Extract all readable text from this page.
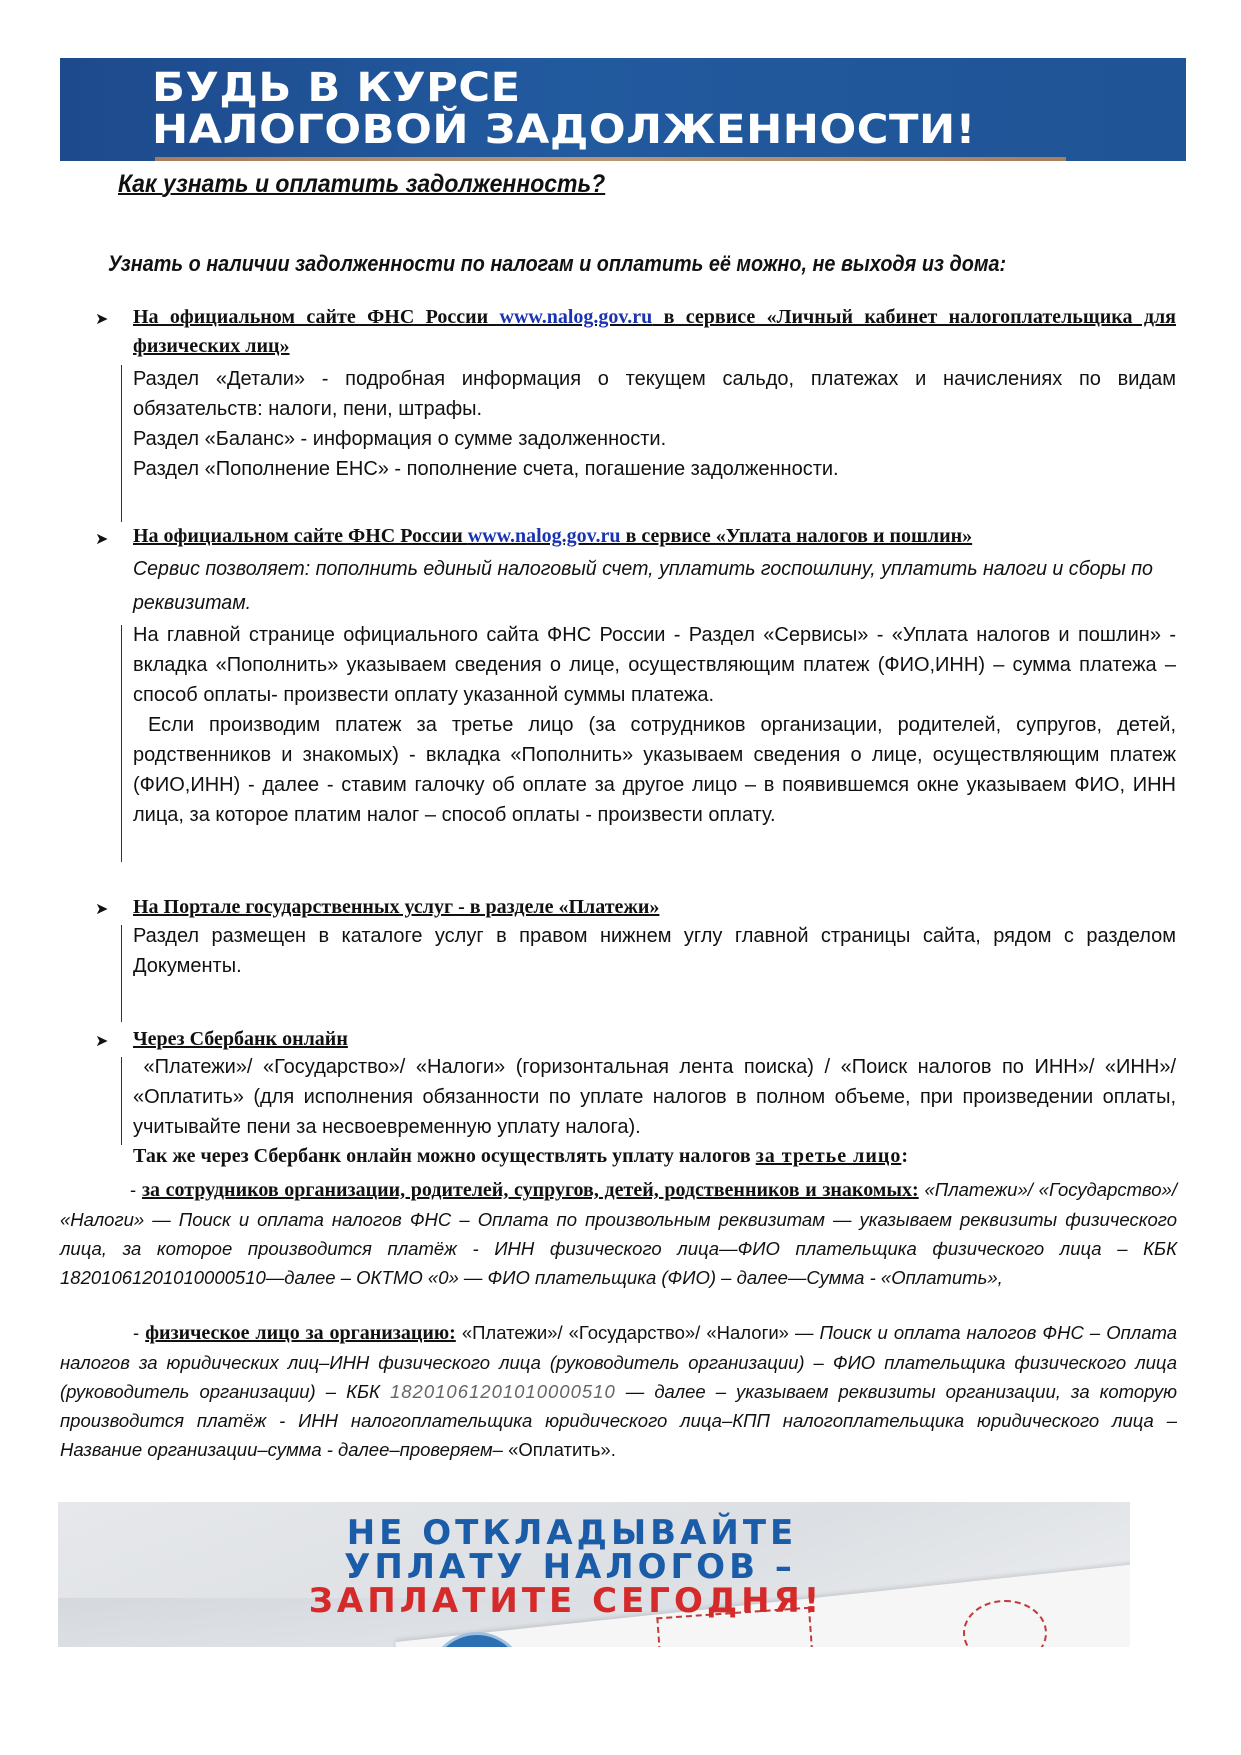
БУДЬ В КУРСЕ
НАЛОГОВОЙ ЗАДОЛЖЕННОСТИ!
Как узнать и оплатить задолженность?
Узнать о наличии задолженности по налогам и оплатить её можно, не выходя из дома:
➤ На официальном сайте ФНС России www.nalog.gov.ru в сервисе «Личный кабинет налогоплательщика для физических лиц»

Раздел «Детали» - подробная информация о текущем сальдо, платежах и начислениях по видам обязательств: налоги, пени, штрафы.

Раздел «Баланс» - информация о сумме задолженности.

Раздел «Пополнение ЕНС» - пополнение счета, погашение задолженности.

➤ На официальном сайте ФНС России www.nalog.gov.ru в сервисе «Уплата налогов и пошлин»
Сервис позволяет: пополнить единый налоговый счет, уплатить госпошлину, уплатить налоги и сборы по реквизитам.

На главной странице официального сайта ФНС России - Раздел «Сервисы» - «Уплата налогов и пошлин» - вкладка «Пополнить» указываем сведения о лице, осуществляющим платеж (ФИО,ИНН) – сумма платежа – способ оплаты- произвести оплату указанной суммы платежа.

Если производим платеж за третье лицо (за сотрудников организации, родителей, супругов, детей, родственников и знакомых) - вкладка «Пополнить» указываем сведения о лице, осуществляющим платеж (ФИО,ИНН) - далее - ставим галочку об оплате за другое лицо – в появившемся окне указываем ФИО, ИНН лица, за которое платим налог – способ оплаты - произвести оплату.

➤ На Портале государственных услуг - в разделе «Платежи»

Раздел размещен в каталоге услуг в правом нижнем углу главной страницы сайта, рядом с разделом Документы.

➤ Через Сбербанк онлайн

«Платежи»/ «Государство»/ «Налоги» (горизонтальная лента поиска) / «Поиск налогов по ИНН»/ «ИНН»/ «Оплатить» (для исполнения обязанности по уплате налогов в полном объеме, при произведении оплаты, учитывайте пени за несвоевременную уплату налога).

Так же через Сбербанк онлайн можно осуществлять уплату налогов за третье лицо:
- за сотрудников организации, родителей, супругов, детей, родственников и знакомых: «Платежи»/ «Государство»/ «Налоги» — Поиск и оплата налогов ФНС – Оплата по произвольным реквизитам — указываем реквизиты физического лица, за которое производится платёж - ИНН физического лица—ФИО плательщика физического лица – КБК 18201061201010000510—далее – ОКТМО «0» — ФИО плательщика (ФИО) – далее—Сумма - «Оплатить»,
- физическое лицо за организацию: «Платежи»/ «Государство»/ «Налоги» — Поиск и оплата налогов ФНС – Оплата налогов за юридических лиц–ИНН физического лица (руководитель организации) – ФИО плательщика физического лица (руководитель организации) – КБК 18201061201010000510 — далее – указываем реквизиты организации, за которую производится платёж - ИНН налогоплательщика юридического лица–КПП налогоплательщика юридического лица – Название организации–сумма - далее–проверяем– «Оплатить».
НЕ ОТКЛАДЫВАЙТЕ
УПЛАТУ НАЛОГОВ –
ЗАПЛАТИТЕ СЕГОДНЯ!
